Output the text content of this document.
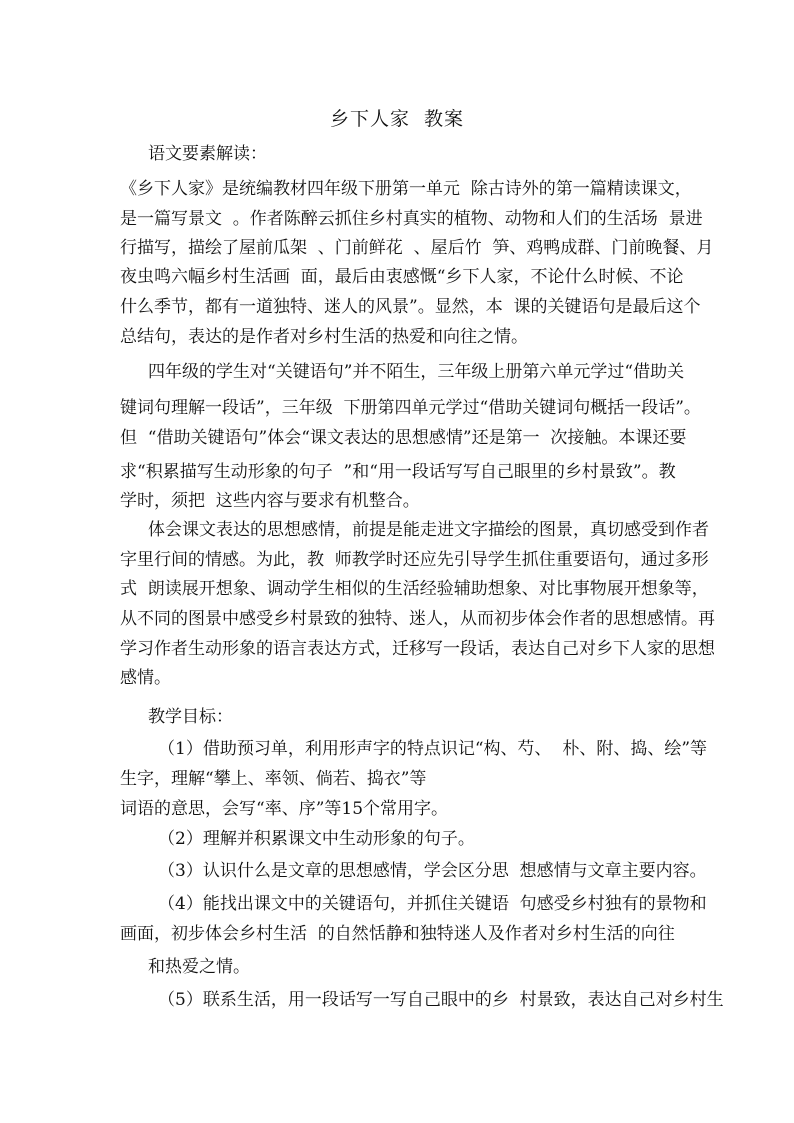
乡下人家  教案
语文要素解读：
《乡下人家》是统编教材四年级下册第一单元  除古诗外的第一篇精读课文，
是一篇写景文  。作者陈醉云抓住乡村真实的植物、动物和人们的生活场  景进
行描写，描绘了屋前瓜架  、门前鲜花  、屋后竹  笋、鸡鸭成群、门前晚餐、月
夜虫鸣六幅乡村生活画  面，最后由衷感慨“乡下人家，不论什么时候、不论
什么季节，都有一道独特、迷人的风景”。显然，本  课的关键语句是最后这个
总结句，表达的是作者对乡村生活的热爱和向往之情。
四年级的学生对“关键语句”并不陌生，三年级上册第六单元学过“借助关
键词句理解一段话”，三年级  下册第四单元学过“借助关键词句概括一段话”。
但  “借助关键语句”体会“课文表达的思想感情”还是第一  次接触。本课还要
求“积累描写生动形象的句子  ”和“用一段话写写自己眼里的乡村景致”。教
学时，须把  这些内容与要求有机整合。
体会课文表达的思想感情，前提是能走进文字描绘的图景，真切感受到作者
字里行间的情感。为此，教  师教学时还应先引导学生抓住重要语句，通过多形
式  朗读展开想象、调动学生相似的生活经验辅助想象、对比事物展开想象等，
从不同的图景中感受乡村景致的独特、迷人，从而初步体会作者的思想感情。再
学习作者生动形象的语言表达方式，迁移写一段话，表达自己对乡下人家的思想
感情。
教学目标：
（1）借助预习单，利用形声字的特点识记“构、芍、  朴、附、捣、绘”等
生字，理解“攀上、率领、倘若、捣衣”等
词语的意思，会写“率、序”等15个常用字。
（2）理解并积累课文中生动形象的句子。
（3）认识什么是文章的思想感情，学会区分思  想感情与文章主要内容。
（4）能找出课文中的关键语句，并抓住关键语  句感受乡村独有的景物和
画面，初步体会乡村生活  的自然恬静和独特迷人及作者对乡村生活的向往
和热爱之情。
（5）联系生活，用一段话写一写自己眼中的乡  村景致，表达自己对乡村生
